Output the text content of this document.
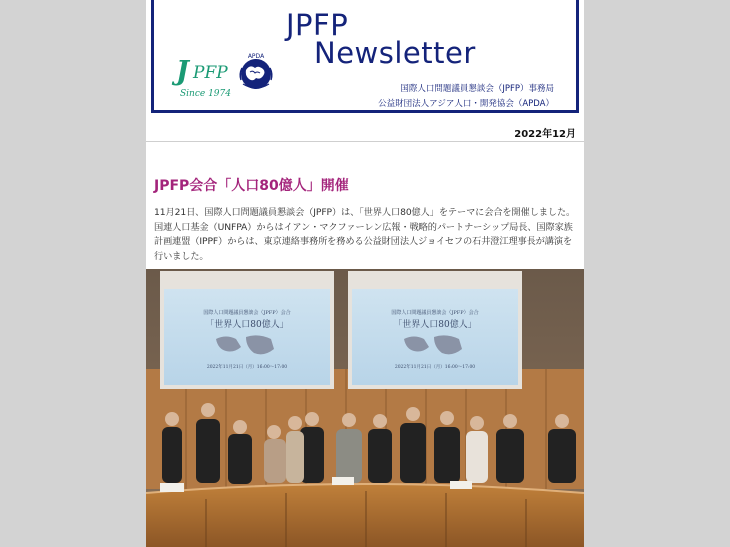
JPFP
Newsletter
J PFP
Since 1974
APDA
国際人口問題議員懇談会（JPFP）事務局
公益財団法人アジア人口・開発協会（APDA）
2022年12月
JPFP会合「人口80億人」開催
11月21日、国際人口問題議員懇談会（JPFP）は、「世界人口80億人」をテーマに会合を開催しました。国連人口基金（UNFPA）からはイアン・マクファーレン広報・戦略的パートナーシップ局長、国際家族計画連盟（IPPF）からは、東京連絡事務所を務める公益財団法人ジョイセフの石井澄江理事長が講演を行いました。
国際人口問題議員懇談会（JPFP）会合
「世界人口80億人」
2022年11月21日（月）16:00～17:00
国際人口問題議員懇談会（JPFP）会合
「世界人口80億人」
2022年11月21日（月）16:00～17:00
